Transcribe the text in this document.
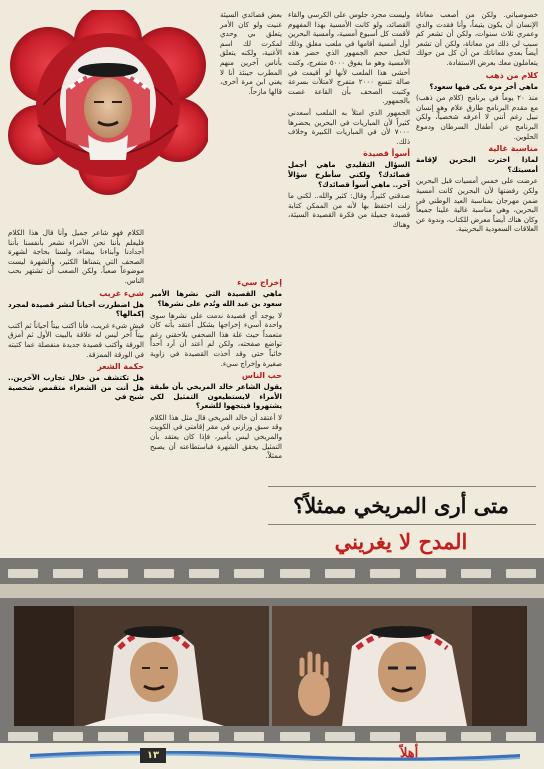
خصوصياتي. ولكن من أصعب معاناة الإنسان أن يكون يتيماً، وأنا فقدت والدي وعمري ثلاث سنوات، ولكن أن تشعر كم سبب لي ذلك من معاناة، ولكن أن تشعر أيضاً بعدي معاناتك من أن كل من حولك يتعاملون معك بعرض الاستفادة.

كلام من ذهب

ماهي أخر مرة بكى فيها سعود؟

منذ ٢٠ يوماً في برنامج (كلام من ذهب) مع مقدم البرنامج طارق علام وهو إنسان نبيل رغم أنني لا أعرفه شخصياً، ولكن البرنامج عن أطفال السرطان ودموع الحلوين.

مناسبة غالية

لماذا اخترت البحرين لإقامة أمسيتك؟

عرضت على خمس أمسيات قبل البحرين ولكن رفضتها لأن البحرين كانت أمسية ضمن مهرجان بمناسبة العيد الوطني في البحرين، وهي مناسبة غالية علينا جميعاً وكان هناك أيضاً معرض للكتاب، وندوة عن العلاقات السعودية البحرينية.

وليست مجرد جلوس على الكرسي والقاء القصائد، ولو كانت الأمسية بهذا المفهوم لأقمت كل أسبوع أمسية، وأمسية البحرين أول أمسية أقامها في ملعب مغلق وذلك لتخيل حجم الجمهور الذي حضر هذه الأمسية وهو ما يفوق ٥٠٠٠ متفرج، وكنت أخشى هذا الملعب لأنها لو أقيمت في صالة تتسع ٢٠٠٠ متفرج لامتلأت بسرعة وكتبت الصحف بأن القاعة غصت بالجمهور.

الجمهور الذي امتلأ به الملعب أسعدني كثيراً لأن المباريات في البحرين يحضرها ٧٠٠٠ لأن في المباريات الكبيرة وخلاف ذلك.

أسوأ قصيدة

السؤال التقليدي ماهي أجمل قصائدك؟ ولكني سأطرح سؤالاً آخر.. ماهي أسوأ قصائدك؟

صدقني كثيراً، وقال: كثير والله.. لكني ما زلت احتفظ بها لأنه من الممكن كتابة قصيدة جميلة من فكرة القصيدة السيئة، وهناك

بعض قصائدي السيئة غنيت ولو كان الأمر يتعلق بي وحدي لمكرت لك اسم الأغنية، ولكنه يتعلق بأناس آخرين منهم المطرب حينئذ أنا لا يغني ابن مرة أخرى، قالها مازحاً.

إخراج سيء

ماهي القصيدة التي نشرها الأمير سعود بن عبد الله ونُدم على نشرها؟

لا يوجد أي قصيدة ندمت على نشرها سوى واحدة أسيء إخراجها بشكل أعتقد بأنه كان متعمداً حيث غلة هذا الصحفي بلاحقني رغم تواضع صفحته، ولكن لم أعتد أن أرد أحداً خائباً حتى وقد أخذت القصيدة في زاوية صغيرة وإخراج سيء.

حب الناس

يقول الشاعر خالد المريخي بأن طبقة الأمراء لايستطيعون التمثيل لكي يشتهروا فيتجهوا للشعر؟

لا أعتقد أن خالد المريخي قال مثل هذا الكلام وقد سبق وزارني في مقر إقامتي في الكويت والمريخي ليس بأمير، فإذا كان يعتقد بأن التمثيل يحقق الشهرة فباستطاعته أن يصبح ممثلاً.

الكلام فهو شاعر جميل وأنا قال هذا الكلام فليعلم بأننا نحن الأمراء نشعر بأنفسنا بأننا أجدادنا وأبناءنا بيضاء، ولسنا بحاجة لشهرة الصحف التي يتمناها الكثير، والشهرة ليست موضوعاً صعباً، ولكن الصعب أن تشتهر بحب الناس.

شيء غريب

هل اضطررت أحياناً لنشر قصيدة لمجرد إكمالها؟

فيش شيء غريب، فأنا أكتب بيتاً أحياناً ثم أكتب بيتاً آخر ليس له علاقة بالبيت الأول ثم أمزق الورقة وأكتب قصيدة جديدة منفصلة عما كتبته في الورقة الممزقة.

حكمة الشعر

هل تكتشف من خلال تجارب الآخرين.. هل أنت من الشعراء متقمص شخصية شيخ في

متى أرى المريخي ممثلاً؟
المدح لا يغريني
١٣	أهلاً
